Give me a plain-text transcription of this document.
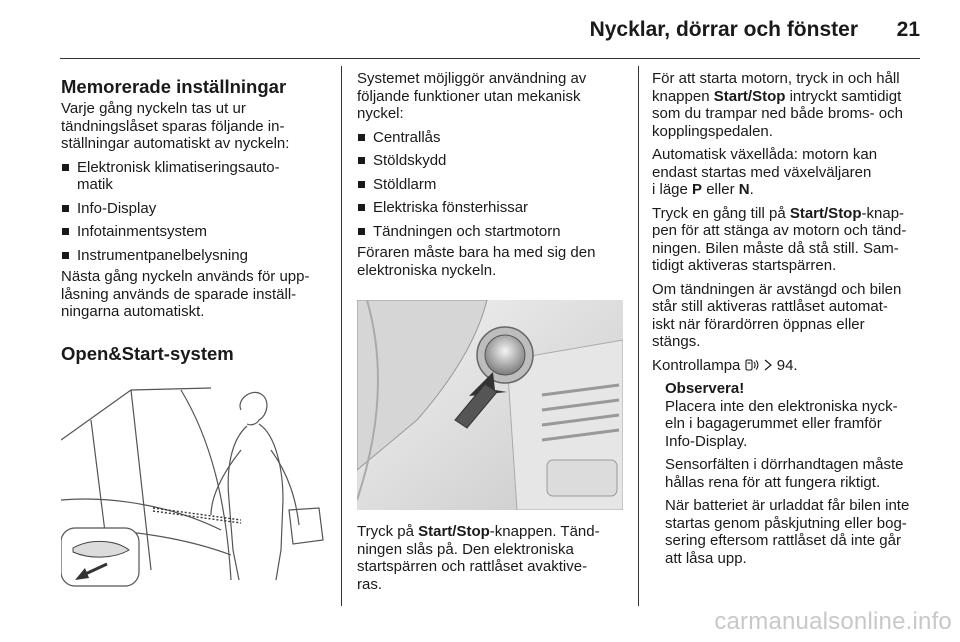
Nycklar, dörrar och fönster 21
Memorerade inställningar

Varje gång nyckeln tas ut ur
tändningslåset sparas följande in-
ställningar automatiskt av nyckeln:

Elektronisk klimatiseringsauto-
matik
Info-Display
Infotainmentsystem
Instrumentpanelbelysning

Nästa gång nyckeln används för upp-
låsning används de sparade inställ-
ningarna automatiskt.

Open&Start-system

Systemet möjliggör användning av
följande funktioner utan mekanisk
nyckel:

Centrallås
Stöldskydd
Stöldlarm
Elektriska fönsterhissar
Tändningen och startmotorn

Föraren måste bara ha med sig den
elektroniska nyckeln.

Tryck på Start/Stop-knappen. Tänd-
ningen slås på. Den elektroniska
startspärren och rattlåset avaktive-
ras.

För att starta motorn, tryck in och håll
knappen Start/Stop intryckt samtidigt
som du trampar ned både broms- och
kopplingspedalen.

Automatisk växellåda: motorn kan
endast startas med växelväljaren
i läge P eller N.

Tryck en gång till på Start/Stop-knap-
pen för att stänga av motorn och tänd-
ningen. Bilen måste då stå still. Sam-
tidigt aktiveras startspärren.

Om tändningen är avstängd och bilen
står still aktiveras rattlåset automat-
iskt när förardörren öppnas eller
stängs.

Kontrollampa  94.

Observera!

Placera inte den elektroniska nyck-
eln i bagagerummet eller framför
Info-Display.

Sensorfälten i dörrhandtagen måste
hållas rena för att fungera riktigt.

När batteriet är urladdat får bilen inte
startas genom påskjutning eller bog-
sering eftersom rattlåset då inte går
att låsa upp.

carmanualsonline.info
